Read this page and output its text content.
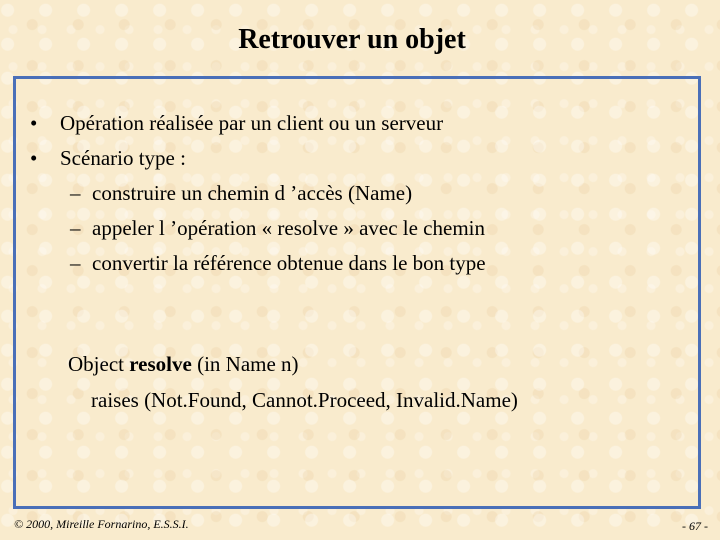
Retrouver un objet
• Opération réalisée par un client ou un serveur
• Scénario type :
– construire un chemin d ’accès (Name)
– appeler l ’opération « resolve » avec le chemin
– convertir la référence obtenue dans le bon type
Object resolve (in Name n)
raises (Not.Found, Cannot.Proceed, Invalid.Name)
© 2000, Mireille Fornarino, E.S.S.I.	- 67 -
